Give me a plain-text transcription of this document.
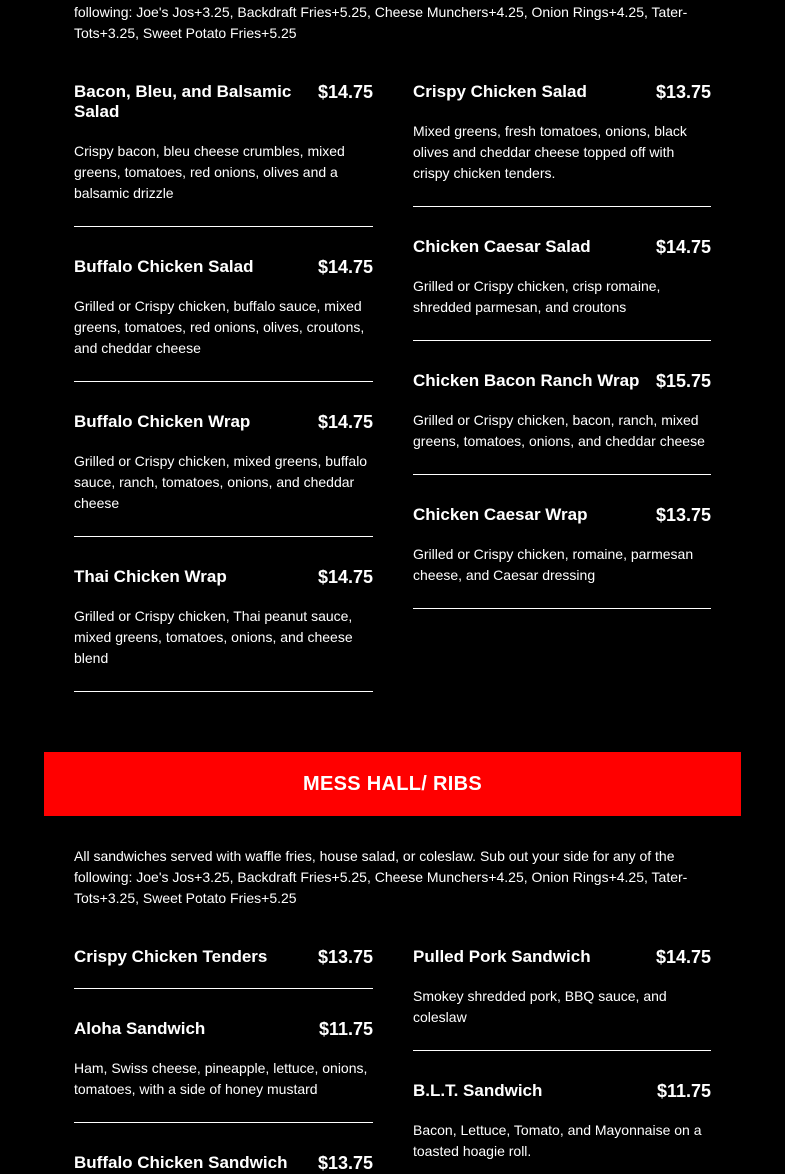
following: Joe's Jos+3.25, Backdraft Fries+5.25, Cheese Munchers+4.25, Onion Rings+4.25, Tater-Tots+3.25, Sweet Potato Fries+5.25

Bacon, Bleu, and Balsamic Salad
$14.75

Crispy bacon, bleu cheese crumbles, mixed greens, tomatoes, red onions, olives and a balsamic drizzle

Buffalo Chicken Salad	$14.75

Grilled or Crispy chicken, buffalo sauce, mixed greens, tomatoes, red onions, olives, croutons, and cheddar cheese

Buffalo Chicken Wrap	$14.75

Grilled or Crispy chicken, mixed greens, buffalo sauce, ranch, tomatoes, onions, and cheddar cheese

Thai Chicken Wrap	$14.75

Grilled or Crispy chicken, Thai peanut sauce, mixed greens, tomatoes, onions, and cheese blend

Crispy Chicken Salad	$13.75

Mixed greens, fresh tomatoes, onions, black olives and cheddar cheese topped off with crispy chicken tenders.

Chicken Caesar Salad	$14.75

Grilled or Crispy chicken, crisp romaine, shredded parmesan, and croutons

Chicken Bacon Ranch Wrap $15.75

Grilled or Crispy chicken, bacon, ranch, mixed greens, tomatoes, onions, and cheddar cheese

Chicken Caesar Wrap	$13.75

Grilled or Crispy chicken, romaine, parmesan cheese, and Caesar dressing

MESS HALL/ RIBS

All sandwiches served with waffle fries, house salad, or coleslaw. Sub out your side for any of the following: Joe's Jos+3.25, Backdraft Fries+5.25, Cheese Munchers+4.25, Onion Rings+4.25, Tater-Tots+3.25, Sweet Potato Fries+5.25

Crispy Chicken Tenders	$13.75
Aloha Sandwich	$11.75

Ham, Swiss cheese, pineapple, lettuce, onions, tomatoes, with a side of honey mustard

Buffalo Chicken Sandwich $13.75
Pulled Pork Sandwich	$14.75

Smokey shredded pork, BBQ sauce, and coleslaw

B.L.T. Sandwich	$11.75

Bacon, Lettuce, Tomato, and Mayonnaise on a toasted hoagie roll.
